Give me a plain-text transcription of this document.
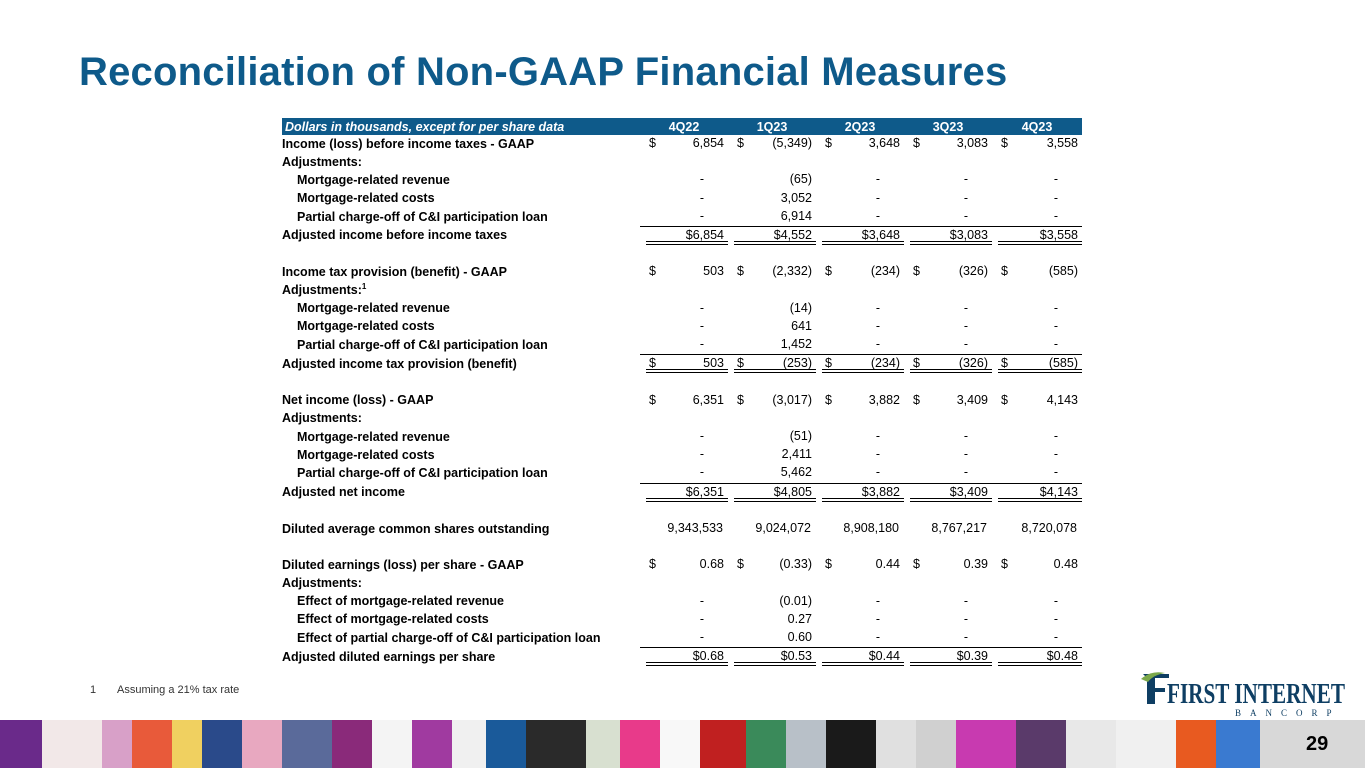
Reconciliation of Non-GAAP Financial Measures
Dollars in thousands, except for per share data	4Q22	1Q23	2Q23	3Q23	4Q23
Income (loss) before income taxes - GAAP	$ 6,854	$ (5,349)	$ 3,648	$ 3,083	$ 3,558

Adjustments:					
Mortgage-related revenue	-	(65)	-	-	-

Mortgage-related costs	-	3,052	-	-	-

Partial charge-off of C&I participation loan	-	6,914	-	-	-

Adjusted income before income taxes	$6,854	$4,552	$3,648	$3,083	$3,558

Income tax provision (benefit) - GAAP	$ 503	$ (2,332)	$ (234)	$ (326)	$ (585)

Adjustments:$^1$					
Mortgage-related revenue	-	(14)	-	-	-

Mortgage-related costs	-	641	-	-	-

Partial charge-off of C&I participation loan	-	1,452	-	-	-

Adjusted income tax provision (benefit)	$ 503	$ (253)	$ (234)	$ (326)	$ (585)

Net income (loss) - GAAP	$ 6,351	$ (3,017)	$ 3,882	$ 3,409	$ 4,143

Adjustments:					
Mortgage-related revenue	-	(51)	-	-	-

Mortgage-related costs	-	2,411	-	-	-

Partial charge-off of C&I participation loan	-	5,462	-	-	-

Adjusted net income	$6,351	$4,805	$3,882	$3,409	$4,143

Diluted average common shares outstanding	9,343,533	9,024,072	8,908,180	8,767,217	8,720,078

Diluted earnings (loss) per share - GAAP	$ 0.68	$ (0.33)	$ 0.44	$ 0.39	$ 0.48

Adjustments:					
Effect of mortgage-related revenue	-	(0.01)	-	-	-

Effect of mortgage-related costs	-	0.27	-	-	-

Effect of partial charge-off of C&I participation loan	-	0.60	-	-	-

Adjusted diluted earnings per share	$0.68	$0.53	$0.44	$0.39	$0.48
1 Assuming a 21% tax rate	FIRST INTERNET
BANCORP
29
